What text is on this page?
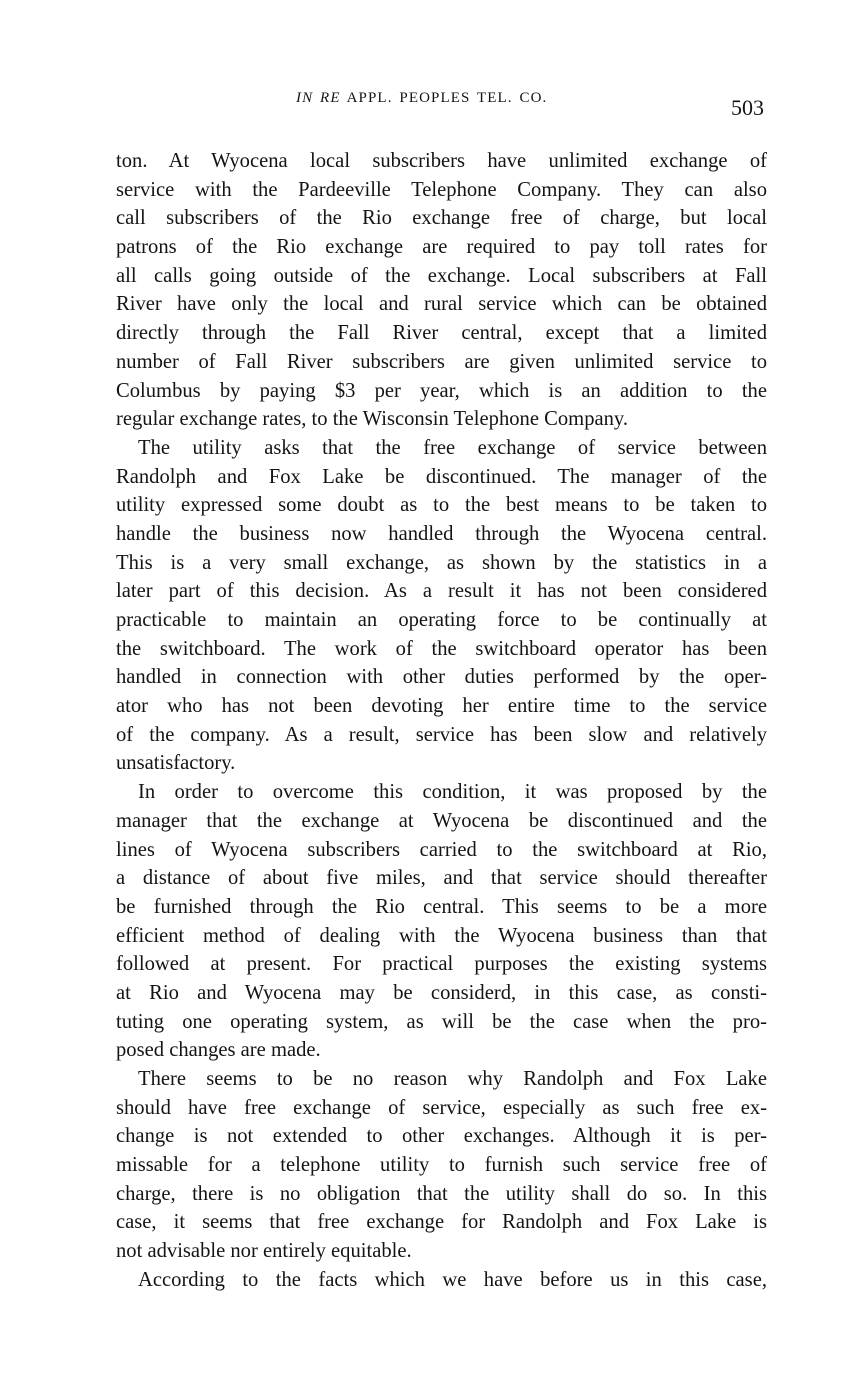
IN RE APPL. PEOPLES TEL. CO.	503
ton. At Wyocena local subscribers have unlimited exchange of
service with the Pardeeville Telephone Company. They can also
call subscribers of the Rio exchange free of charge, but local
patrons of the Rio exchange are required to pay toll rates for
all calls going outside of the exchange. Local subscribers at Fall
River have only the local and rural service which can be obtained
directly through the Fall River central, except that a limited
number of Fall River subscribers are given unlimited service to
Columbus by paying $3 per year, which is an addition to the
regular exchange rates, to the Wisconsin Telephone Company.
The utility asks that the free exchange of service between
Randolph and Fox Lake be discontinued. The manager of the
utility expressed some doubt as to the best means to be taken to
handle the business now handled through the Wyocena central.
This is a very small exchange, as shown by the statistics in a
later part of this decision. As a result it has not been considered
practicable to maintain an operating force to be continually at
the switchboard. The work of the switchboard operator has been
handled in connection with other duties performed by the oper-
ator who has not been devoting her entire time to the service
of the company. As a result, service has been slow and relatively
unsatisfactory.
In order to overcome this condition, it was proposed by the
manager that the exchange at Wyocena be discontinued and the
lines of Wyocena subscribers carried to the switchboard at Rio,
a distance of about five miles, and that service should thereafter
be furnished through the Rio central. This seems to be a more
efficient method of dealing with the Wyocena business than that
followed at present. For practical purposes the existing systems
at Rio and Wyocena may be considerd, in this case, as consti-
tuting one operating system, as will be the case when the pro-
posed changes are made.
There seems to be no reason why Randolph and Fox Lake
should have free exchange of service, especially as such free ex-
change is not extended to other exchanges. Although it is per-
missable for a telephone utility to furnish such service free of
charge, there is no obligation that the utility shall do so. In this
case, it seems that free exchange for Randolph and Fox Lake is
not advisable nor entirely equitable.
According to the facts which we have before us in this case,
